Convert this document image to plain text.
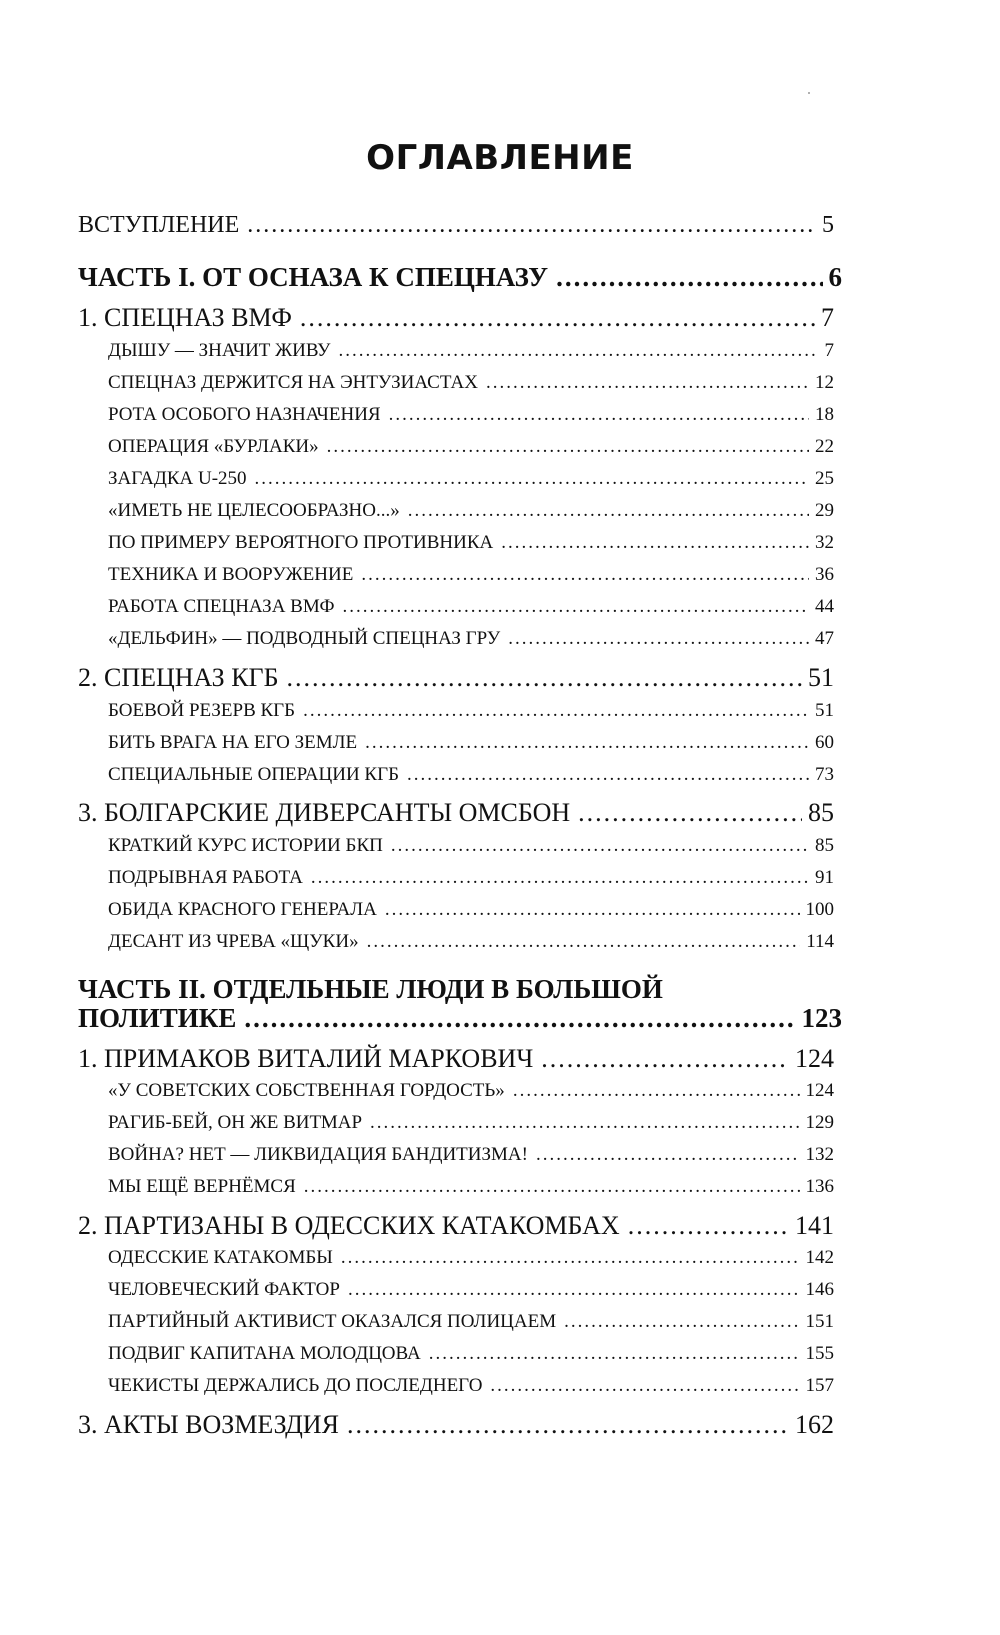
ОГЛАВЛЕНИЕ
ВСТУПЛЕНИЕ .....	5
ЧАСТЬ I. ОТ ОСНАЗА К СПЕЦНАЗУ .....	6
1. СПЕЦНАЗ ВМФ .....	7
ДЫШУ — ЗНАЧИТ ЖИВУ .....	7
СПЕЦНАЗ ДЕРЖИТСЯ НА ЭНТУЗИАСТАХ .....	12
РОТА ОСОБОГО НАЗНАЧЕНИЯ .....	18
ОПЕРАЦИЯ «БУРЛАКИ» .....	22
ЗАГАДКА U-250 .....	25
«ИМЕТЬ НЕ ЦЕЛЕСООБРАЗНО...» .....	29
ПО ПРИМЕРУ ВЕРОЯТНОГО ПРОТИВНИКА .....	32
ТЕХНИКА И ВООРУЖЕНИЕ .....	36
РАБОТА СПЕЦНАЗА ВМФ .....	44
«ДЕЛЬФИН» — ПОДВОДНЫЙ СПЕЦНАЗ ГРУ .....	47
2. СПЕЦНАЗ КГБ .....	51
БОЕВОЙ РЕЗЕРВ КГБ .....	51
БИТЬ ВРАГА НА ЕГО ЗЕМЛЕ .....	60
СПЕЦИАЛЬНЫЕ ОПЕРАЦИИ КГБ .....	73
3. БОЛГАРСКИЕ ДИВЕРСАНТЫ ОМСБОН .....	85
КРАТКИЙ КУРС ИСТОРИИ БКП .....	85
ПОДРЫВНАЯ РАБОТА .....	91
ОБИДА КРАСНОГО ГЕНЕРАЛА .....	100
ДЕСАНТ ИЗ ЧРЕВА «ЩУКИ» .....	114
ЧАСТЬ II. ОТДЕЛЬНЫЕ ЛЮДИ В БОЛЬШОЙ
ПОЛИТИКЕ .....	123
1. ПРИМАКОВ ВИТАЛИЙ МАРКОВИЧ .....	124
«У СОВЕТСКИХ СОБСТВЕННАЯ ГОРДОСТЬ» .....	124
РАГИБ-БЕЙ, ОН ЖЕ ВИТМАР .....	129
ВОЙНА? НЕТ — ЛИКВИДАЦИЯ БАНДИТИЗМА! .....	132
МЫ ЕЩЁ ВЕРНЁМСЯ .....	136
2. ПАРТИЗАНЫ В ОДЕССКИХ КАТАКОМБАХ .....	141
ОДЕССКИЕ КАТАКОМБЫ .....	142
ЧЕЛОВЕЧЕСКИЙ ФАКТОР .....	146
ПАРТИЙНЫЙ АКТИВИСТ ОКАЗАЛСЯ ПОЛИЦАЕМ .....	151
ПОДВИГ КАПИТАНА МОЛОДЦОВА .....	155
ЧЕКИСТЫ ДЕРЖАЛИСЬ ДО ПОСЛЕДНЕГО .....	157
3. АКТЫ ВОЗМЕЗДИЯ .....	162
